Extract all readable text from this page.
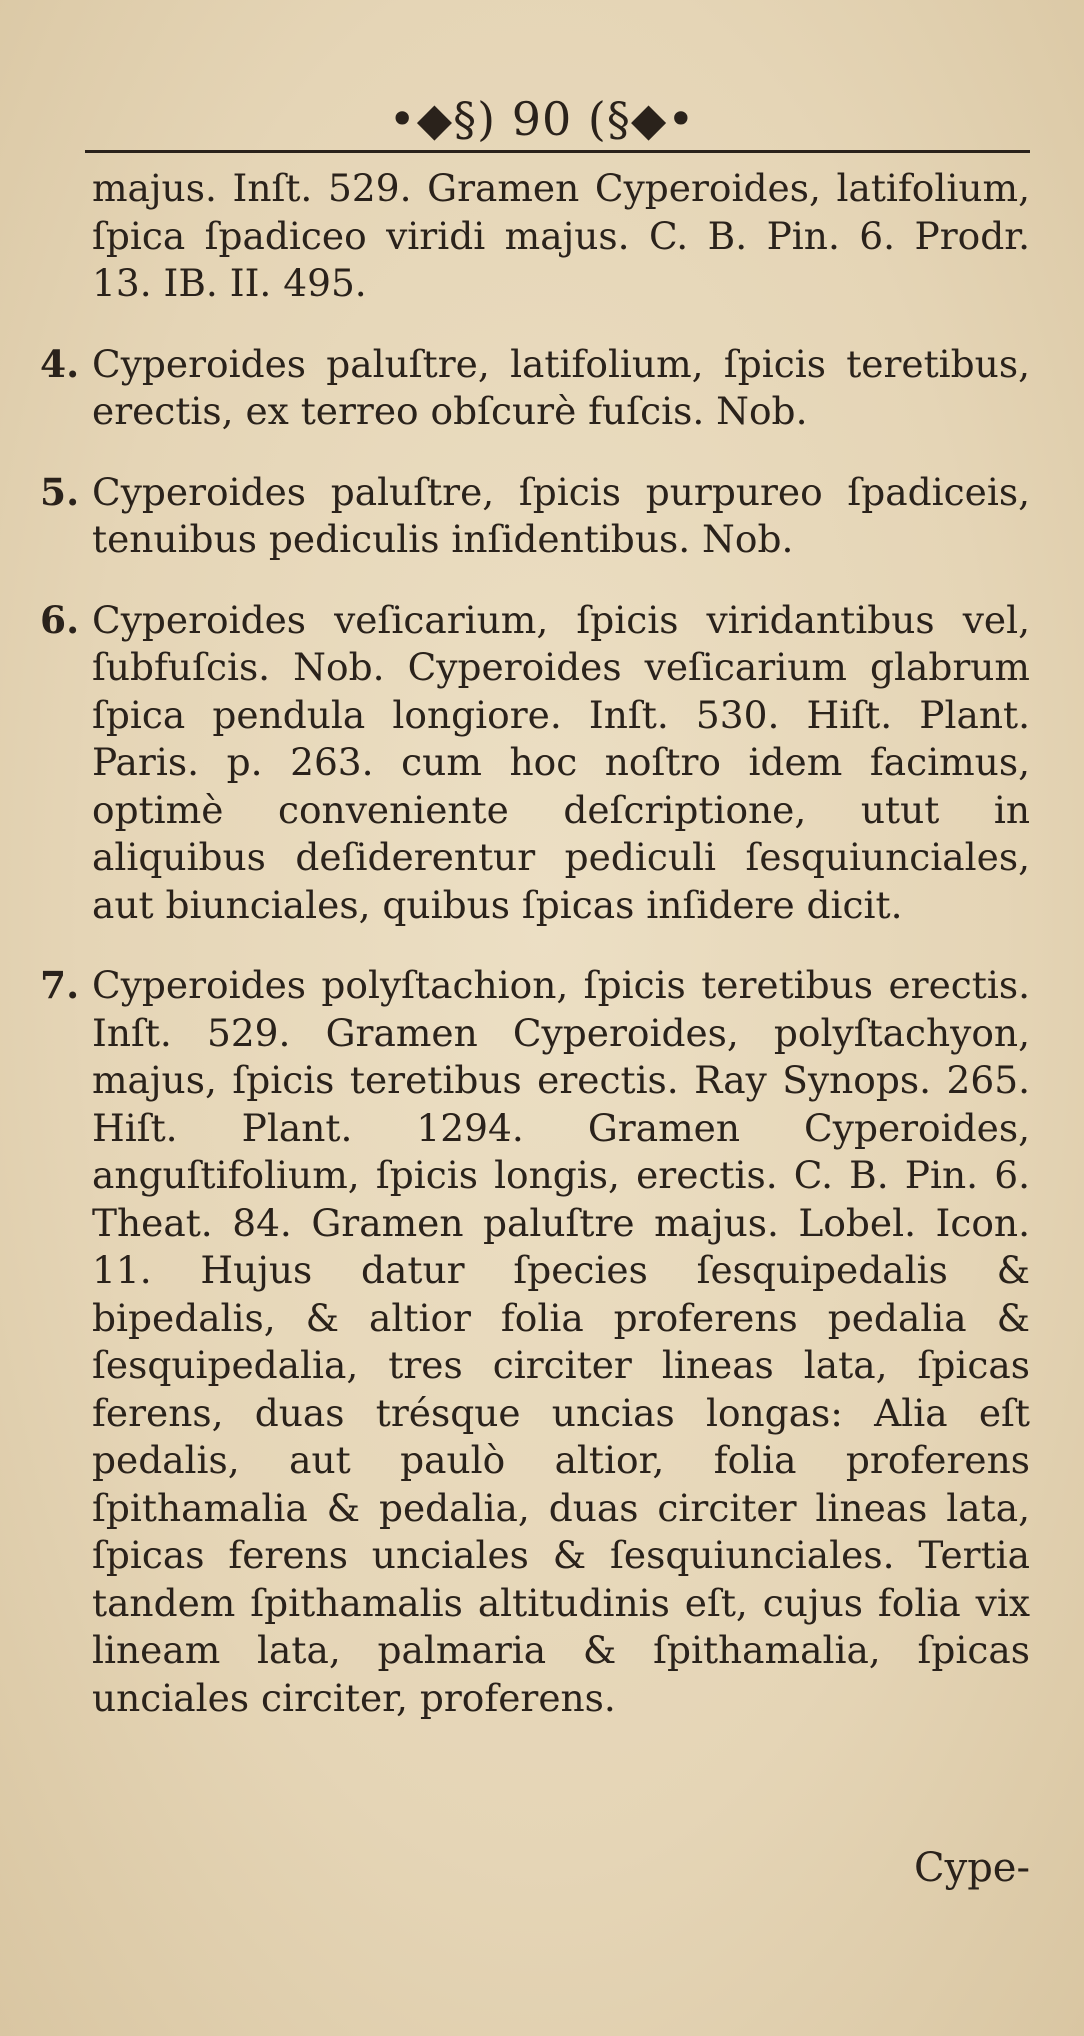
•◆§) 90 (§◆•
majus. Inſt. 529. Gramen Cyperoides, latifolium, ſpica ſpadiceo viridi majus. C. B. Pin. 6. Prodr. 13. IB. II. 495.
4. Cyperoides paluſtre, latifolium, ſpicis teretibus, erectis, ex terreo obſcurè fuſcis. Nob.
5. Cyperoides paluſtre, ſpicis purpureo ſpadiceis, tenuibus pediculis inſidentibus. Nob.
6. Cyperoides veſicarium, ſpicis viridantibus vel, ſubfuſcis. Nob. Cyperoides veſicarium glabrum ſpica pendula longiore. Inſt. 530. Hiſt. Plant. Paris. p. 263. cum hoc noſtro idem facimus, optimè conveniente deſcriptione, utut in aliquibus deſiderentur pediculi ſesquiunciales, aut biunciales, quibus ſpicas inſidere dicit.
7. Cyperoides polyſtachion, ſpicis teretibus erectis. Inſt. 529. Gramen Cyperoides, polyſtachyon, majus, ſpicis teretibus erectis. Ray Synops. 265. Hiſt. Plant. 1294. Gramen Cyperoides, anguſtifolium, ſpicis longis, erectis. C. B. Pin. 6. Theat. 84. Gramen paluſtre majus. Lobel. Icon. 11. Hujus datur ſpecies ſesquipedalis & bipedalis, & altior folia proferens pedalia & ſesquipedalia, tres circiter lineas lata, ſpicas ferens, duas trésque uncias longas: Alia eſt pedalis, aut paulò altior, folia proferens ſpithamalia & pedalia, duas circiter lineas lata, ſpicas ferens unciales & ſesquiunciales. Tertia tandem ſpithamalis altitudinis eſt, cujus folia vix lineam lata, palmaria & ſpithamalia, ſpicas unciales circiter, proferens.
Cype-
